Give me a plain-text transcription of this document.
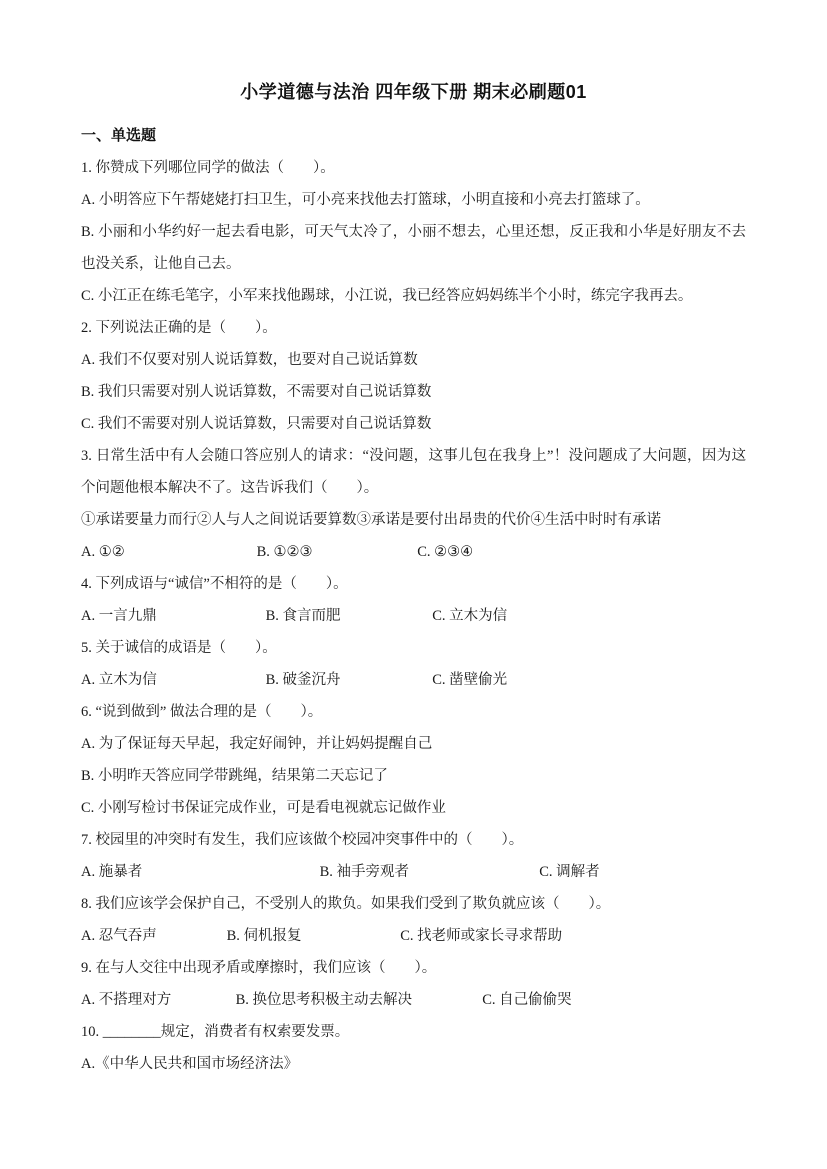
小学道德与法治 四年级下册 期末必刷题01
一、单选题

1. 你赞成下列哪位同学的做法（　　）。

A. 小明答应下午帮姥姥打扫卫生，可小亮来找他去打篮球，小明直接和小亮去打篮球了。

B. 小丽和小华约好一起去看电影，可天气太冷了，小丽不想去，心里还想，反正我和小华是好朋友不去也没关系，让他自己去。

C. 小江正在练毛笔字，小军来找他踢球，小江说，我已经答应妈妈练半个小时，练完字我再去。

2. 下列说法正确的是（　　）。

A. 我们不仅要对别人说话算数，也要对自己说话算数

B. 我们只需要对别人说话算数，不需要对自己说话算数

C. 我们不需要对别人说话算数，只需要对自己说话算数

3. 日常生活中有人会随口答应别人的请求：“没问题，这事儿包在我身上”！没问题成了大问题，因为这个问题他根本解决不了。这告诉我们（　　）。

①承诺要量力而行②人与人之间说话要算数③承诺是要付出昂贵的代价④生活中时时有承诺

A. ①②	B. ①②③	C. ②③④

4. 下列成语与“诚信”不相符的是（　　）。

A. 一言九鼎	B. 食言而肥	C. 立木为信

5. 关于诚信的成语是（　　）。

A. 立木为信	B. 破釜沉舟	C. 凿壁偷光

6. “说到做到” 做法合理的是（　　）。

A. 为了保证每天早起，我定好闹钟，并让妈妈提醒自己

B. 小明昨天答应同学带跳绳，结果第二天忘记了

C. 小刚写检讨书保证完成作业，可是看电视就忘记做作业

7. 校园里的冲突时有发生，我们应该做个校园冲突事件中的（　　）。

A. 施暴者	B. 袖手旁观者	C. 调解者

8. 我们应该学会保护自己，不受别人的欺负。如果我们受到了欺负就应该（　　）。

A. 忍气吞声	B. 伺机报复	C. 找老师或家长寻求帮助

9. 在与人交往中出现矛盾或摩擦时，我们应该（　　）。

A. 不搭理对方	B. 换位思考积极主动去解决	C. 自己偷偷哭

10. ________规定，消费者有权索要发票。

A.《中华人民共和国市场经济法》
